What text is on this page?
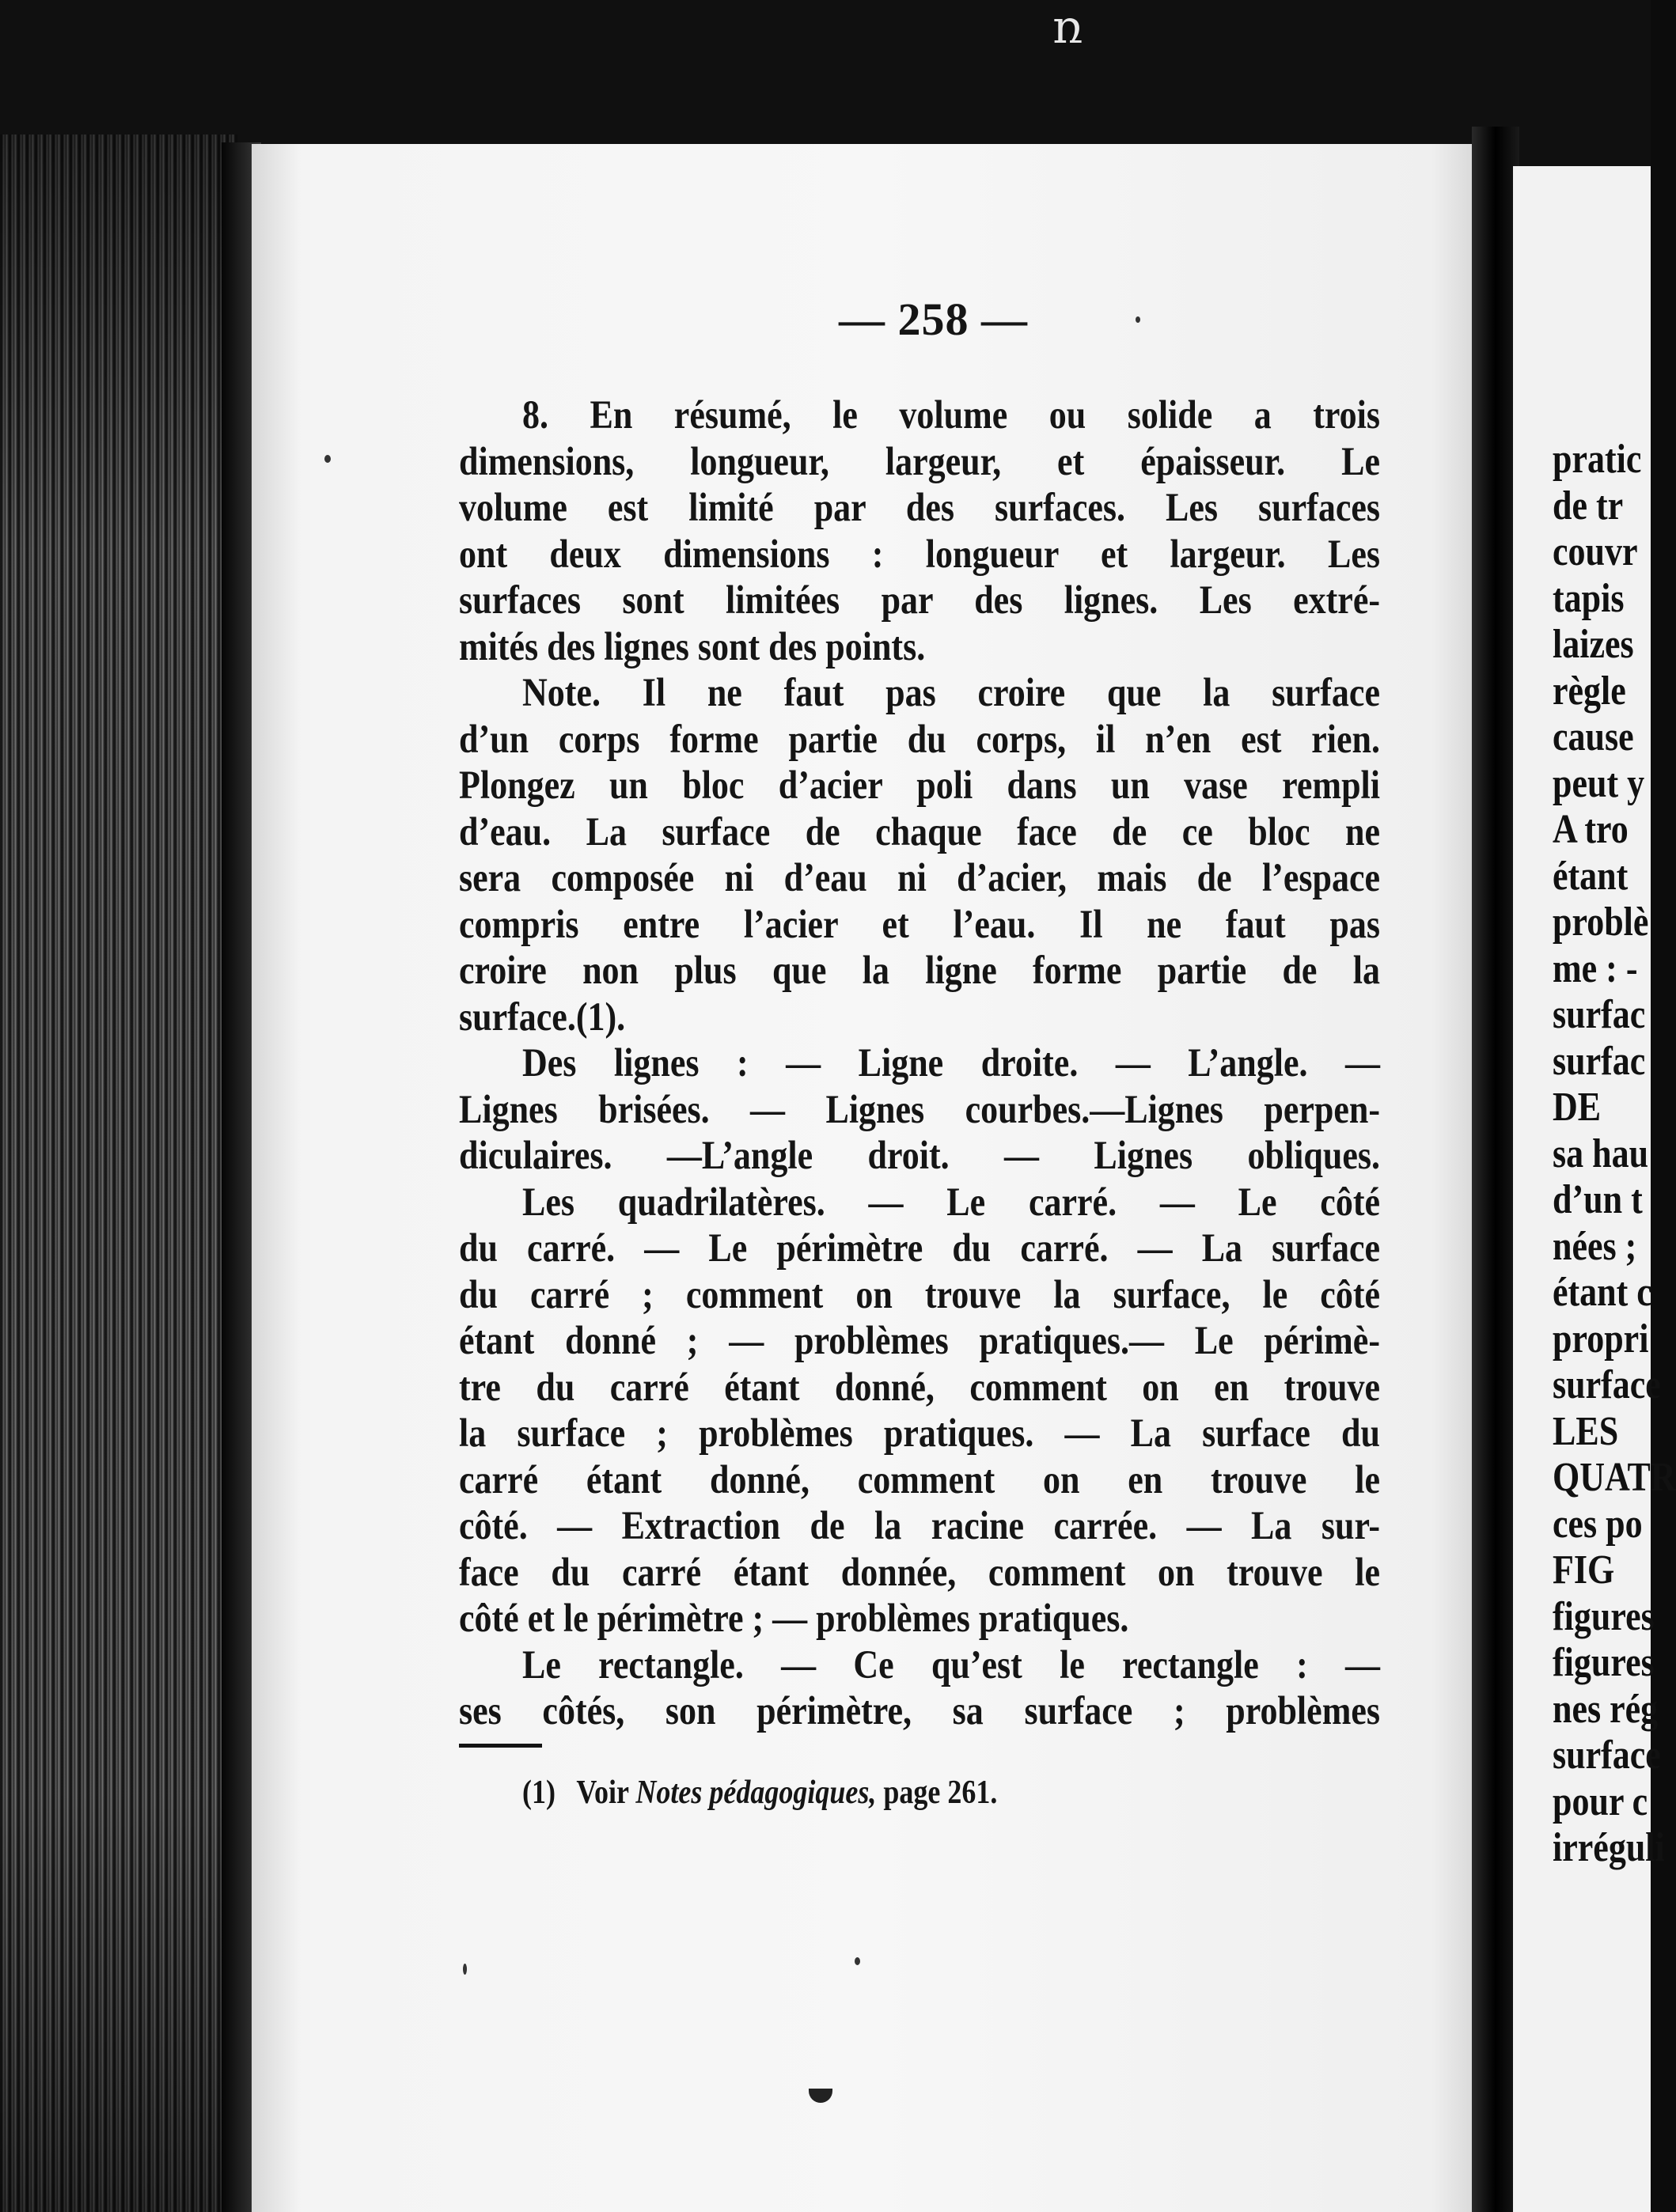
ռ
pratic
de tr
couvr
tapis
laizes
règle
cause
peut y
A tro
étant
problè
me : -
surfac
surfac
DE
sa hau
d’un t
nées ;
étant c
propri
surface
LES
QUATR
ces po
FIG
figures
figures
nes rég
surface
pour c
irréguli
— 258 —
8. En résumé, le volume ou solide a trois
dimensions, longueur, largeur, et épaisseur. Le
volume est limité par des surfaces. Les surfaces
ont deux dimensions : longueur et largeur. Les
surfaces sont limitées par des lignes. Les extré-
mités des lignes sont des points.
Note. Il ne faut pas croire que la surface
d’un corps forme partie du corps, il n’en est rien.
Plongez un bloc d’acier poli dans un vase rempli
d’eau. La surface de chaque face de ce bloc ne
sera composée ni d’eau ni d’acier, mais de l’espace
compris entre l’acier et l’eau. Il ne faut pas
croire non plus que la ligne forme partie de la
surface.(1).
Des lignes : — Ligne droite. — L’angle. —
Lignes brisées. — Lignes courbes.—Lignes perpen-
diculaires. —L’angle droit. — Lignes obliques.
Les quadrilatères. — Le carré. — Le côté
du carré. — Le périmètre du carré. — La surface
du carré ; comment on trouve la surface, le côté
étant donné ; — problèmes pratiques.— Le périmè-
tre du carré étant donné, comment on en trouve
la surface ; problèmes pratiques. — La surface du
carré étant donné, comment on en trouve le
côté. — Extraction de la racine carrée. — La sur-
face du carré étant donnée, comment on trouve le
côté et le périmètre ; — problèmes pratiques.
Le rectangle. — Ce qu’est le rectangle : —
ses côtés, son périmètre, sa surface ; problèmes
(1) Voir Notes pédagogiques, page 261.
